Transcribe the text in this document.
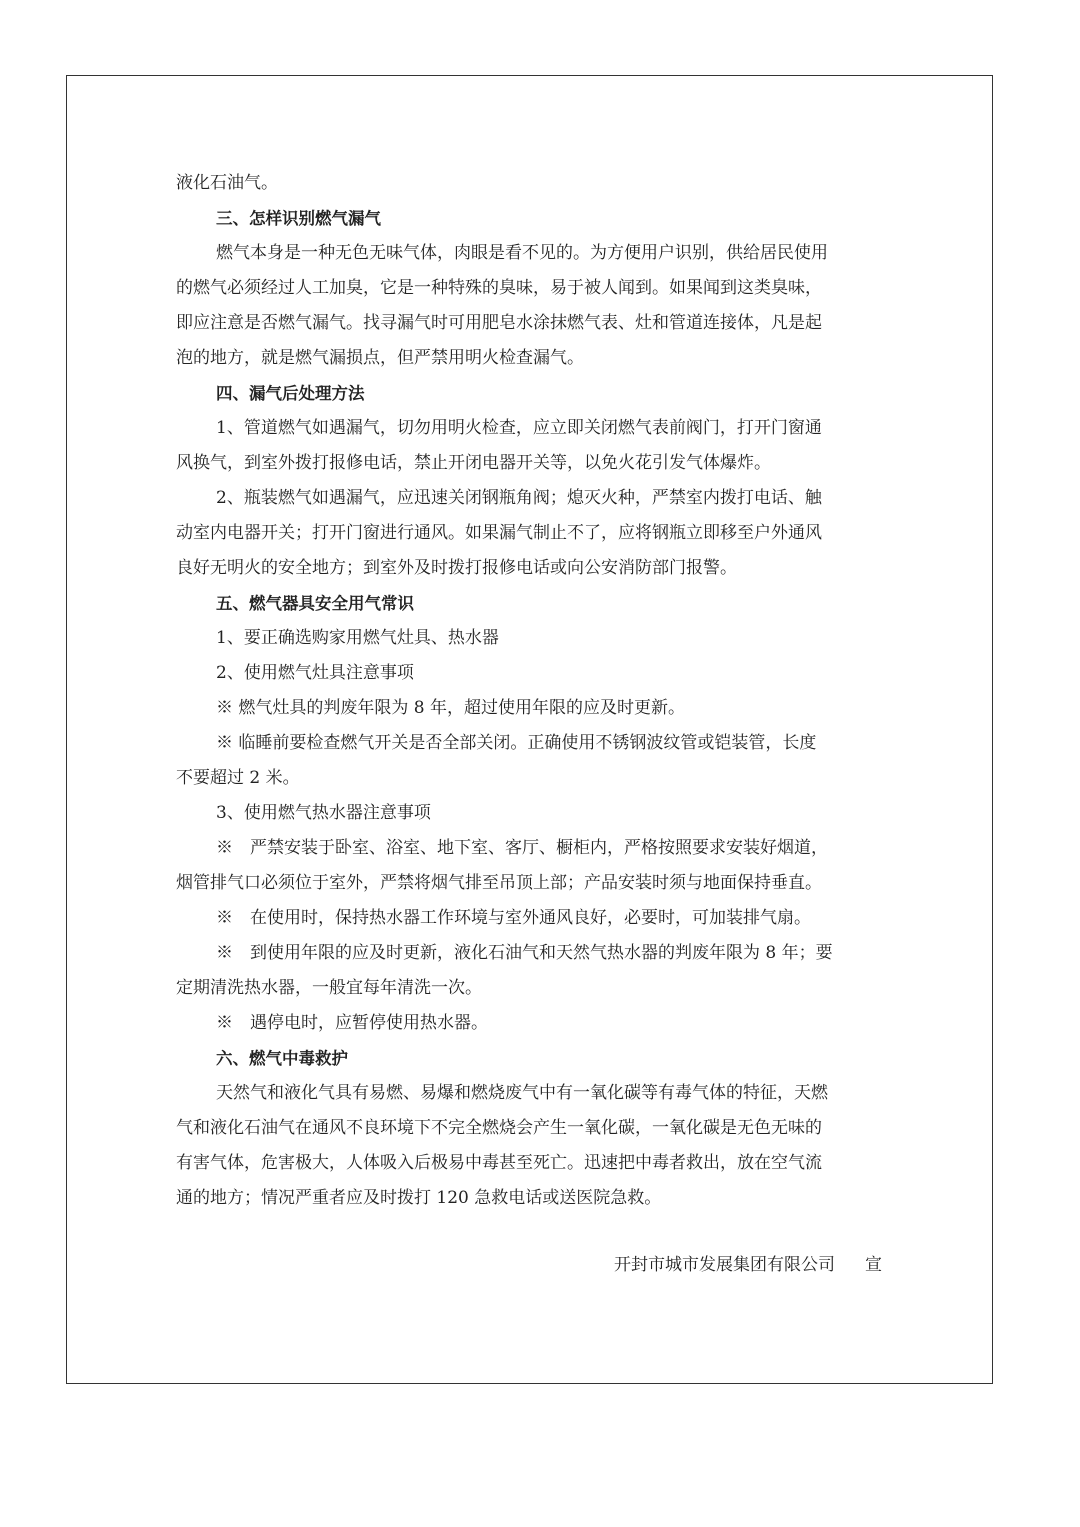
液化石油气。
三、怎样识别燃气漏气
燃气本身是一种无色无味气体，肉眼是看不见的。为方便用户识别，供给居民使用
的燃气必须经过人工加臭，它是一种特殊的臭味，易于被人闻到。如果闻到这类臭味，
即应注意是否燃气漏气。找寻漏气时可用肥皂水涂抹燃气表、灶和管道连接体，凡是起
泡的地方，就是燃气漏损点，但严禁用明火检查漏气。
四、漏气后处理方法
1、管道燃气如遇漏气，切勿用明火检查，应立即关闭燃气表前阀门，打开门窗通
风换气，到室外拨打报修电话，禁止开闭电器开关等，以免火花引发气体爆炸。
2、瓶装燃气如遇漏气，应迅速关闭钢瓶角阀；熄灭火种，严禁室内拨打电话、触
动室内电器开关；打开门窗进行通风。如果漏气制止不了，应将钢瓶立即移至户外通风
良好无明火的安全地方；到室外及时拨打报修电话或向公安消防部门报警。
五、燃气器具安全用气常识
1、要正确选购家用燃气灶具、热水器
2、使用燃气灶具注意事项
※ 燃气灶具的判废年限为 8 年，超过使用年限的应及时更新。
※ 临睡前要检查燃气开关是否全部关闭。正确使用不锈钢波纹管或铠装管，长度
不要超过 2 米。
3、使用燃气热水器注意事项
※　严禁安装于卧室、浴室、地下室、客厅、橱柜内，严格按照要求安装好烟道，
烟管排气口必须位于室外，严禁将烟气排至吊顶上部；产品安装时须与地面保持垂直。
※　在使用时，保持热水器工作环境与室外通风良好，必要时，可加装排气扇。
※　到使用年限的应及时更新，液化石油气和天然气热水器的判废年限为 8 年；要
定期清洗热水器，一般宜每年清洗一次。
※　遇停电时，应暂停使用热水器。
六、燃气中毒救护
天然气和液化气具有易燃、易爆和燃烧废气中有一氧化碳等有毒气体的特征，天燃
气和液化石油气在通风不良环境下不完全燃烧会产生一氧化碳，一氧化碳是无色无味的
有害气体，危害极大，人体吸入后极易中毒甚至死亡。迅速把中毒者救出，放在空气流
通的地方；情况严重者应及时拨打 120 急救电话或送医院急救。
开封市城市发展集团有限公司 宣
